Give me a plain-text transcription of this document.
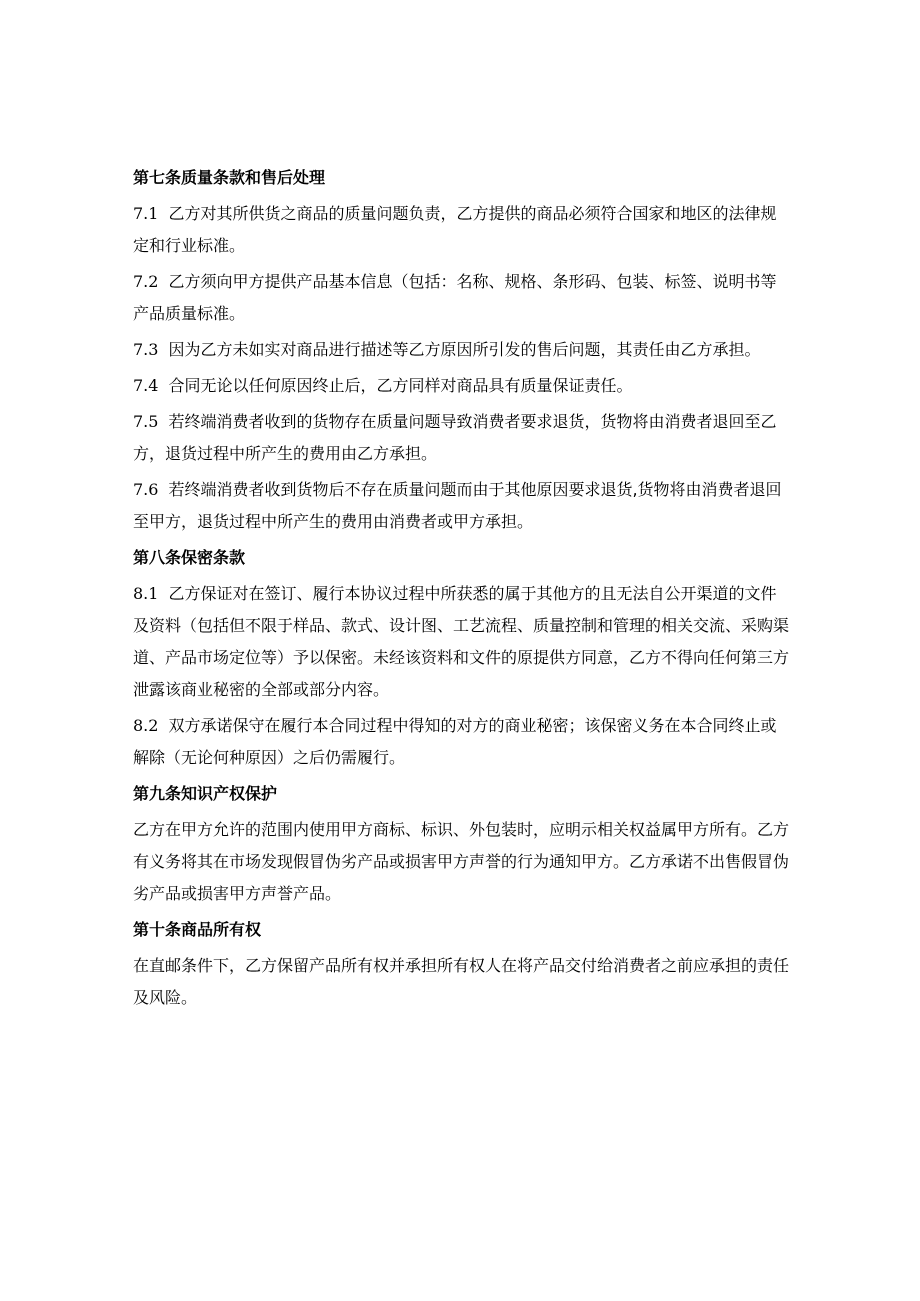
第七条质量条款和售后处理

7.1 乙方对其所供货之商品的质量问题负责，乙方提供的商品必须符合国家和地区的法律规定和行业标准。

7.2 乙方须向甲方提供产品基本信息（包括：名称、规格、条形码、包装、标签、说明书等产品质量标准。

7.3 因为乙方未如实对商品进行描述等乙方原因所引发的售后问题，其责任由乙方承担。

7.4 合同无论以任何原因终止后，乙方同样对商品具有质量保证责任。

7.5 若终端消费者收到的货物存在质量问题导致消费者要求退货，货物将由消费者退回至乙方，退货过程中所产生的费用由乙方承担。

7.6 若终端消费者收到货物后不存在质量问题而由于其他原因要求退货,货物将由消费者退回至甲方，退货过程中所产生的费用由消费者或甲方承担。

第八条保密条款

8.1 乙方保证对在签订、履行本协议过程中所获悉的属于其他方的且无法自公开渠道的文件及资料（包括但不限于样品、款式、设计图、工艺流程、质量控制和管理的相关交流、采购渠道、产品市场定位等）予以保密。未经该资料和文件的原提供方同意，乙方不得向任何第三方泄露该商业秘密的全部或部分内容。

8.2 双方承诺保守在履行本合同过程中得知的对方的商业秘密；该保密义务在本合同终止或解除（无论何种原因）之后仍需履行。

第九条知识产权保护

乙方在甲方允许的范围内使用甲方商标、标识、外包装时，应明示相关权益属甲方所有。乙方有义务将其在市场发现假冒伪劣产品或损害甲方声誉的行为通知甲方。乙方承诺不出售假冒伪劣产品或损害甲方声誉产品。

第十条商品所有权

在直邮条件下，乙方保留产品所有权并承担所有权人在将产品交付给消费者之前应承担的责任及风险。
